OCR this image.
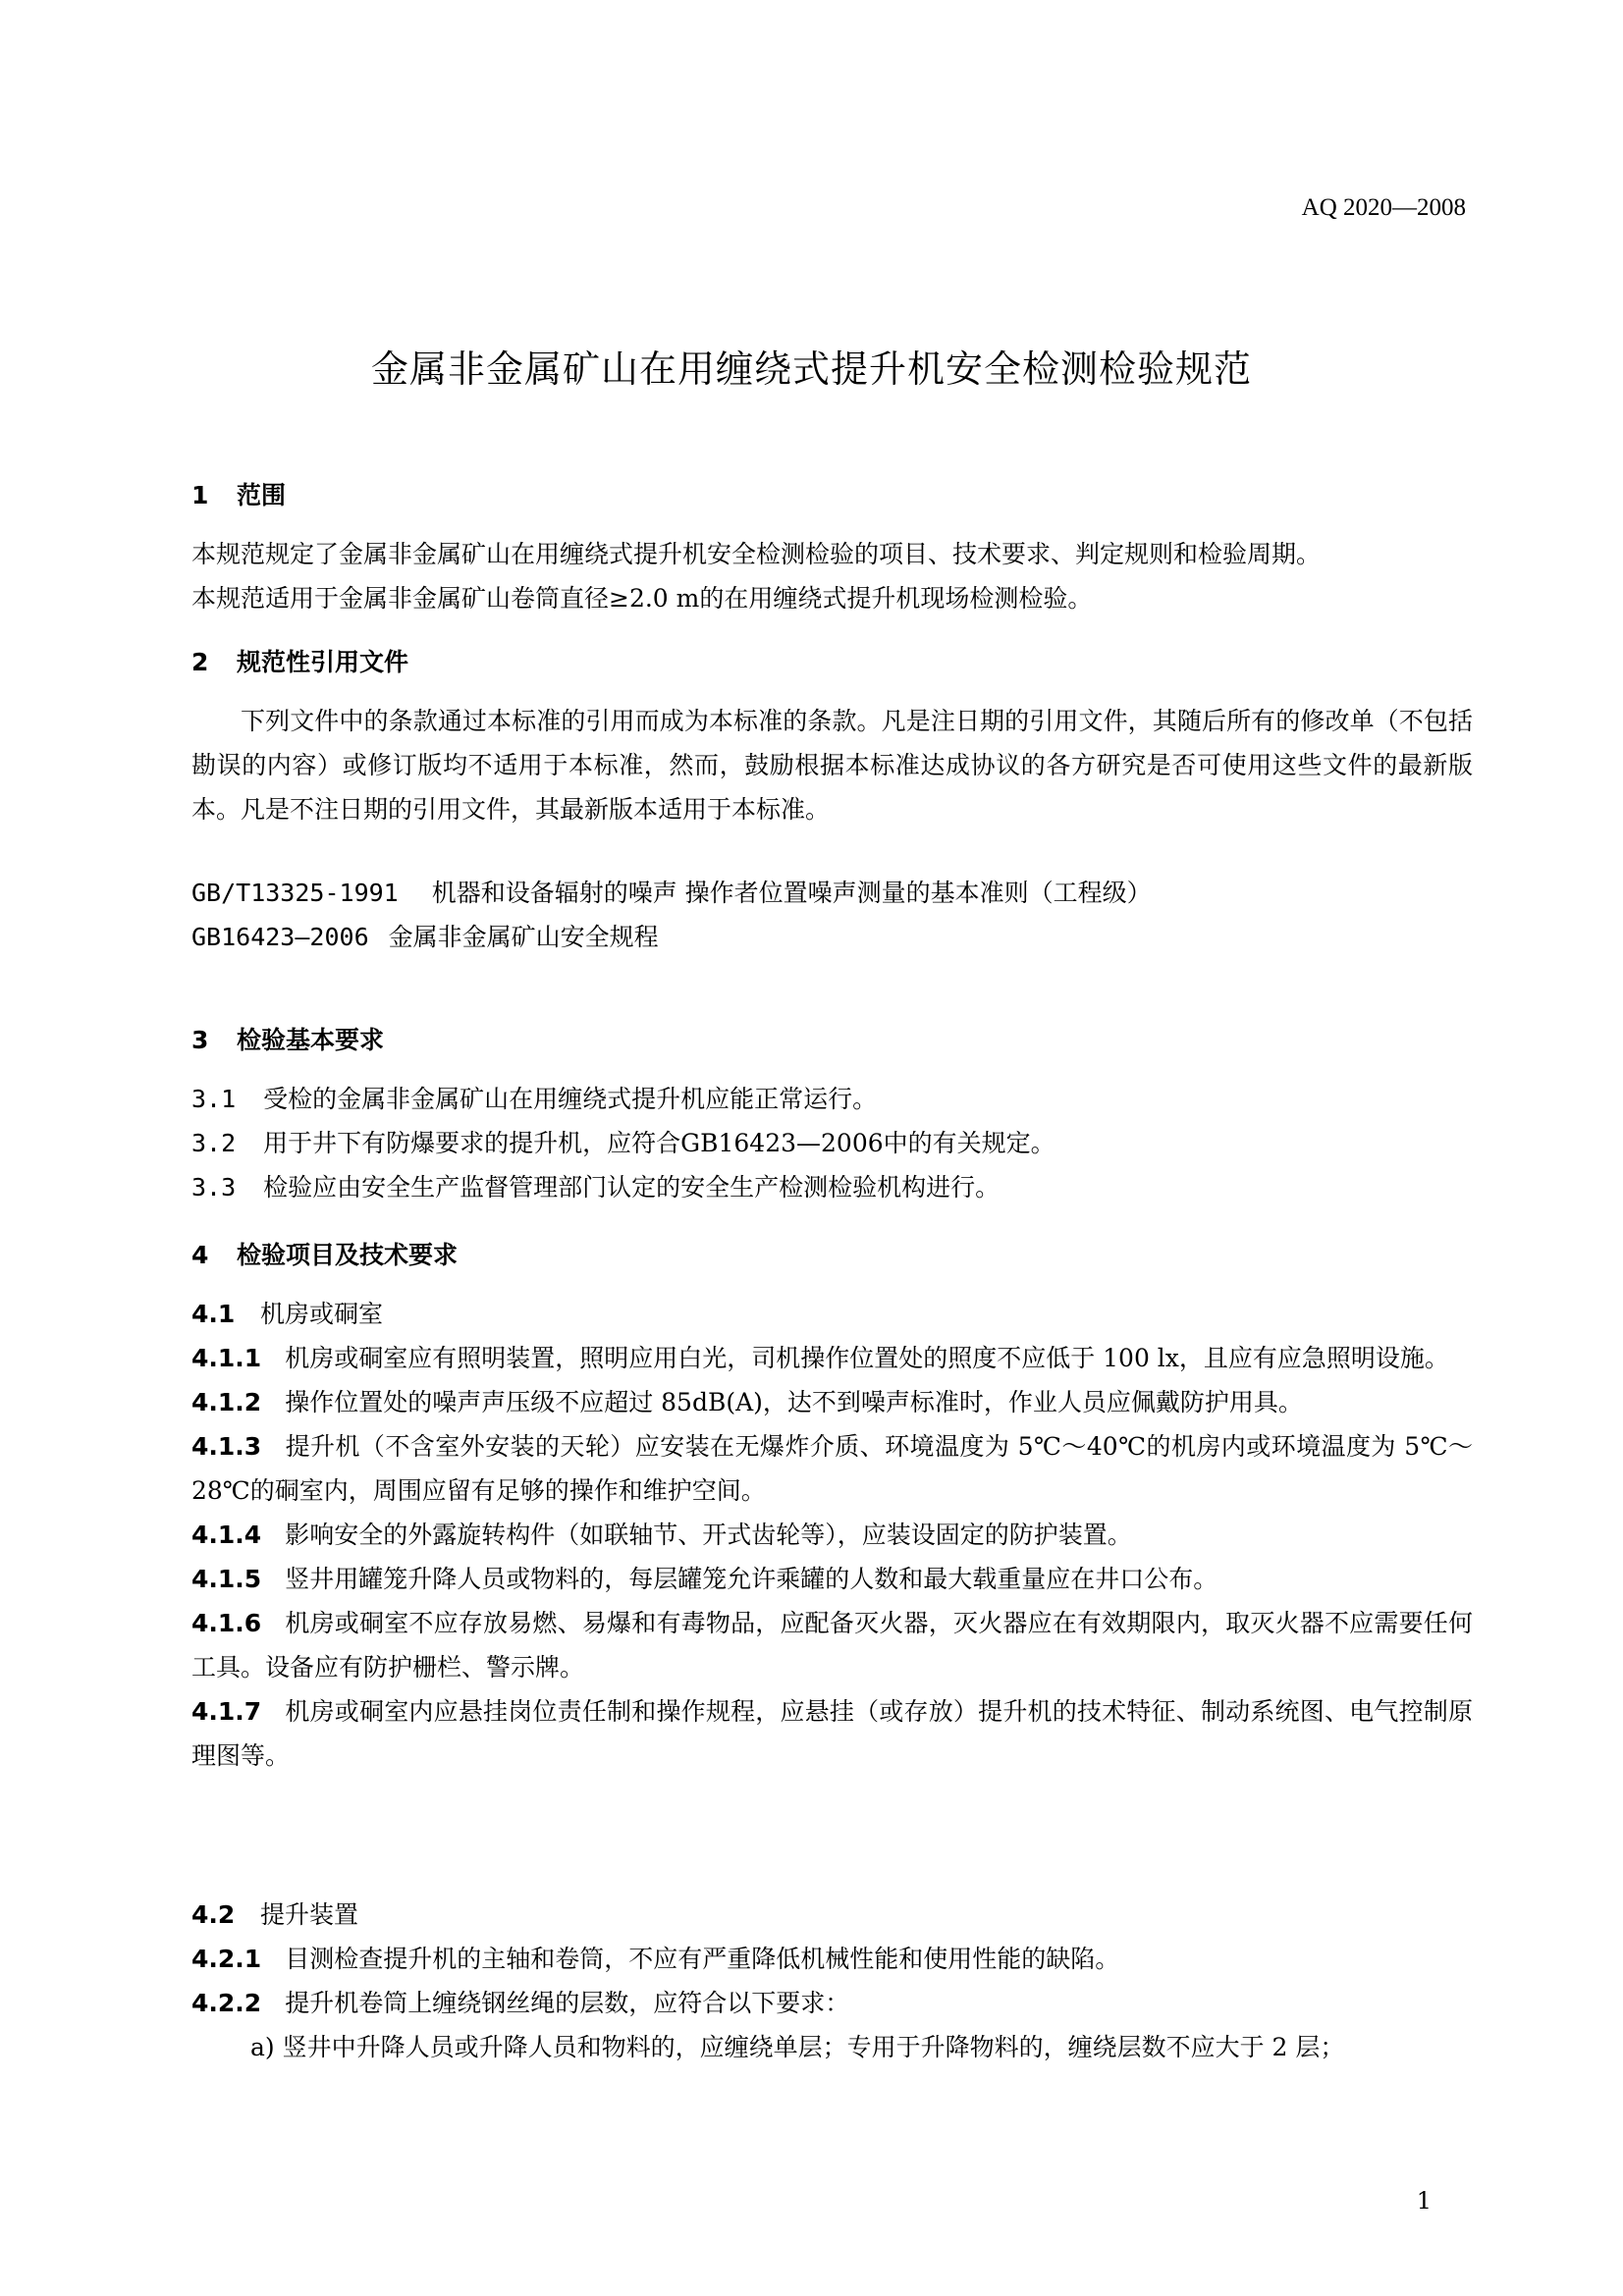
AQ 2020—2008
金属非金属矿山在用缠绕式提升机安全检测检验规范
1 范围
本规范规定了金属非金属矿山在用缠绕式提升机安全检测检验的项目、技术要求、判定规则和检验周期。
本规范适用于金属非金属矿山卷筒直径≥2.0 m的在用缠绕式提升机现场检测检验。
2 规范性引用文件

下列文件中的条款通过本标准的引用而成为本标准的条款。凡是注日期的引用文件，其随后所有的修改单（不包括勘误的内容）或修订版均不适用于本标准，然而，鼓励根据本标准达成协议的各方研究是否可使用这些文件的最新版本。凡是不注日期的引用文件，其最新版本适用于本标准。

GB/T13325-1991 机器和设备辐射的噪声 操作者位置噪声测量的基本准则（工程级）
GB16423—2006 金属非金属矿山安全规程
3 检验基本要求
3.1 受检的金属非金属矿山在用缠绕式提升机应能正常运行。
3.2 用于井下有防爆要求的提升机，应符合GB16423—2006中的有关规定。
3.3 检验应由安全生产监督管理部门认定的安全生产检测检验机构进行。
4 检验项目及技术要求
4.1 机房或硐室

4.1.1 机房或硐室应有照明装置，照明应用白光，司机操作位置处的照度不应低于 100 lx，且应有应急照明设施。

4.1.2 操作位置处的噪声声压级不应超过 85dB(A)，达不到噪声标准时，作业人员应佩戴防护用具。

4.1.3 提升机（不含室外安装的天轮）应安装在无爆炸介质、环境温度为 5℃～40℃的机房内或环境温度为 5℃～28℃的硐室内，周围应留有足够的操作和维护空间。

4.1.4 影响安全的外露旋转构件（如联轴节、开式齿轮等），应装设固定的防护装置。

4.1.5 竖井用罐笼升降人员或物料的，每层罐笼允许乘罐的人数和最大载重量应在井口公布。

4.1.6 机房或硐室不应存放易燃、易爆和有毒物品，应配备灭火器，灭火器应在有效期限内，取灭火器不应需要任何工具。设备应有防护栅栏、警示牌。

4.1.7 机房或硐室内应悬挂岗位责任制和操作规程，应悬挂（或存放）提升机的技术特征、制动系统图、电气控制原理图等。

4.2 提升装置

4.2.1 目测检查提升机的主轴和卷筒，不应有严重降低机械性能和使用性能的缺陷。

4.2.2 提升机卷筒上缠绕钢丝绳的层数，应符合以下要求：

a) 竖井中升降人员或升降人员和物料的，应缠绕单层；专用于升降物料的，缠绕层数不应大于 2 层；

1
